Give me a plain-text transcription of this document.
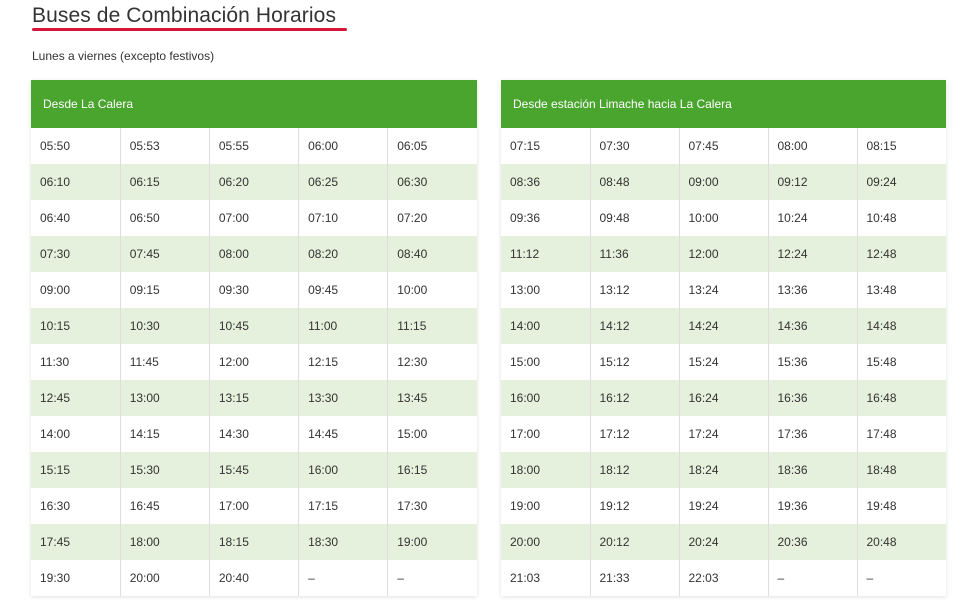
Buses de Combinación Horarios
Lunes a viernes (excepto festivos)
Desde La Calera
05:50	05:53	05:55	06:00	06:05
06:10	06:15	06:20	06:25	06:30
06:40	06:50	07:00	07:10	07:20
07:30	07:45	08:00	08:20	08:40
09:00	09:15	09:30	09:45	10:00
10:15	10:30	10:45	11:00	11:15
11:30	11:45	12:00	12:15	12:30
12:45	13:00	13:15	13:30	13:45
14:00	14:15	14:30	14:45	15:00
15:15	15:30	15:45	16:00	16:15
16:30	16:45	17:00	17:15	17:30
17:45	18:00	18:15	18:30	19:00
19:30	20:00	20:40	–	–
Desde estación Limache hacia La Calera
07:15	07:30	07:45	08:00	08:15
08:36	08:48	09:00	09:12	09:24
09:36	09:48	10:00	10:24	10:48
11:12	11:36	12:00	12:24	12:48
13:00	13:12	13:24	13:36	13:48
14:00	14:12	14:24	14:36	14:48
15:00	15:12	15:24	15:36	15:48
16:00	16:12	16:24	16:36	16:48
17:00	17:12	17:24	17:36	17:48
18:00	18:12	18:24	18:36	18:48
19:00	19:12	19:24	19:36	19:48
20:00	20:12	20:24	20:36	20:48
21:03	21:33	22:03	–	–
